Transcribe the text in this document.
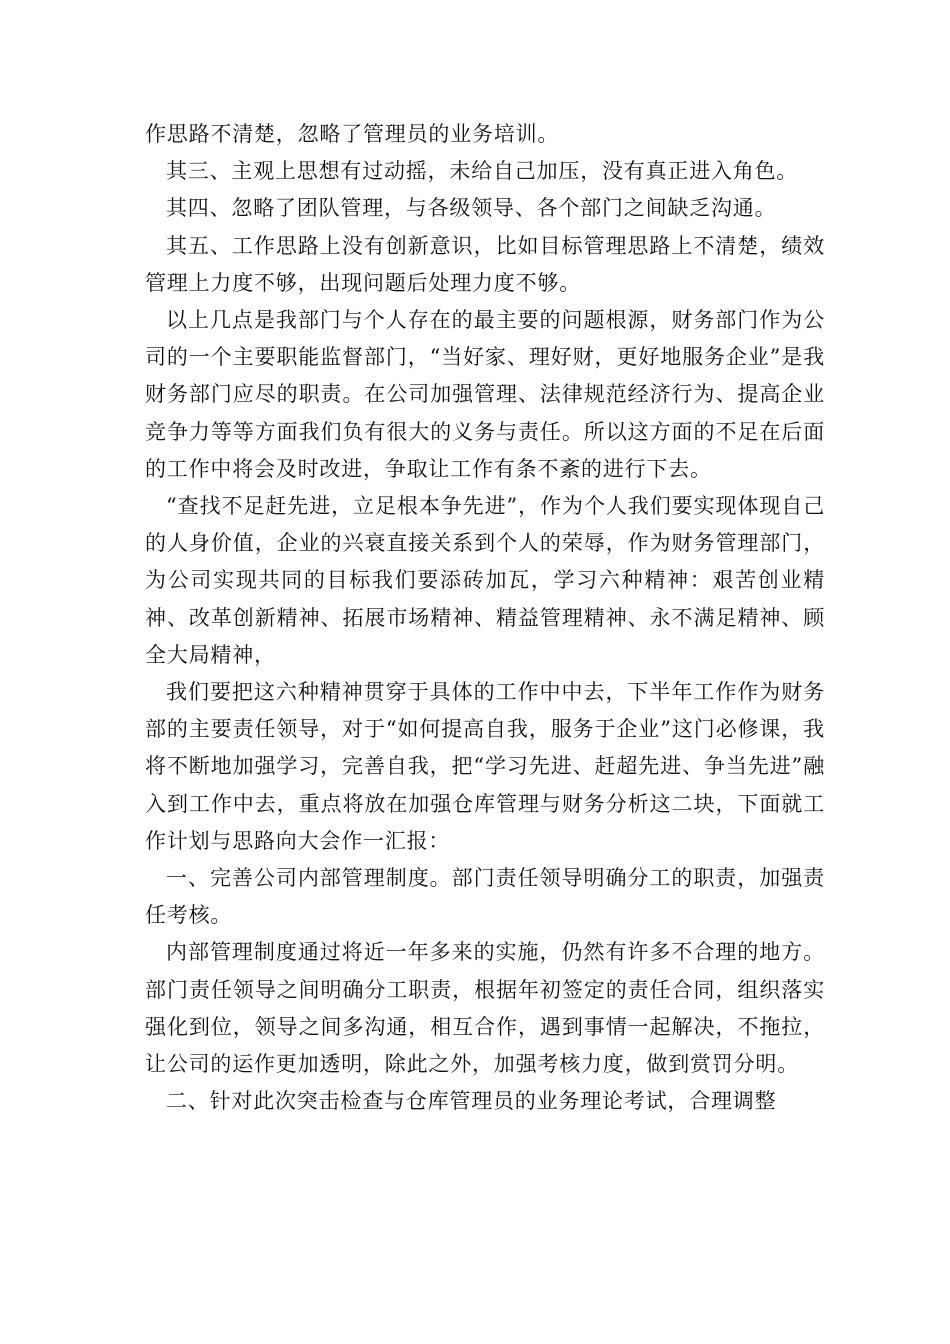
作思路不清楚，忽略了管理员的业务培训。

其三、主观上思想有过动摇，未给自己加压，没有真正进入角色。

其四、忽略了团队管理，与各级领导、各个部门之间缺乏沟通。

其五、工作思路上没有创新意识，比如目标管理思路上不清楚，绩效管理上力度不够，出现问题后处理力度不够。

以上几点是我部门与个人存在的最主要的问题根源，财务部门作为公司的一个主要职能监督部门，“当好家、理好财，更好地服务企业”是我财务部门应尽的职责。在公司加强管理、法律规范经济行为、提高企业竞争力等等方面我们负有很大的义务与责任。所以这方面的不足在后面的工作中将会及时改进，争取让工作有条不紊的进行下去。

“查找不足赶先进，立足根本争先进”，作为个人我们要实现体现自己的人身价值，企业的兴衰直接关系到个人的荣辱，作为财务管理部门，为公司实现共同的目标我们要添砖加瓦，学习六种精神：艰苦创业精神、改革创新精神、拓展市场精神、精益管理精神、永不满足精神、顾全大局精神，

我们要把这六种精神贯穿于具体的工作中中去，下半年工作作为财务部的主要责任领导，对于“如何提高自我，服务于企业”这门必修课，我将不断地加强学习，完善自我，把“学习先进、赶超先进、争当先进”融入到工作中去，重点将放在加强仓库管理与财务分析这二块，下面就工作计划与思路向大会作一汇报：

一、完善公司内部管理制度。部门责任领导明确分工的职责，加强责任考核。

内部管理制度通过将近一年多来的实施，仍然有许多不合理的地方。部门责任领导之间明确分工职责，根据年初签定的责任合同，组织落实强化到位，领导之间多沟通，相互合作，遇到事情一起解决，不拖拉，让公司的运作更加透明，除此之外，加强考核力度，做到赏罚分明。

二、针对此次突击检查与仓库管理员的业务理论考试，合理调整
